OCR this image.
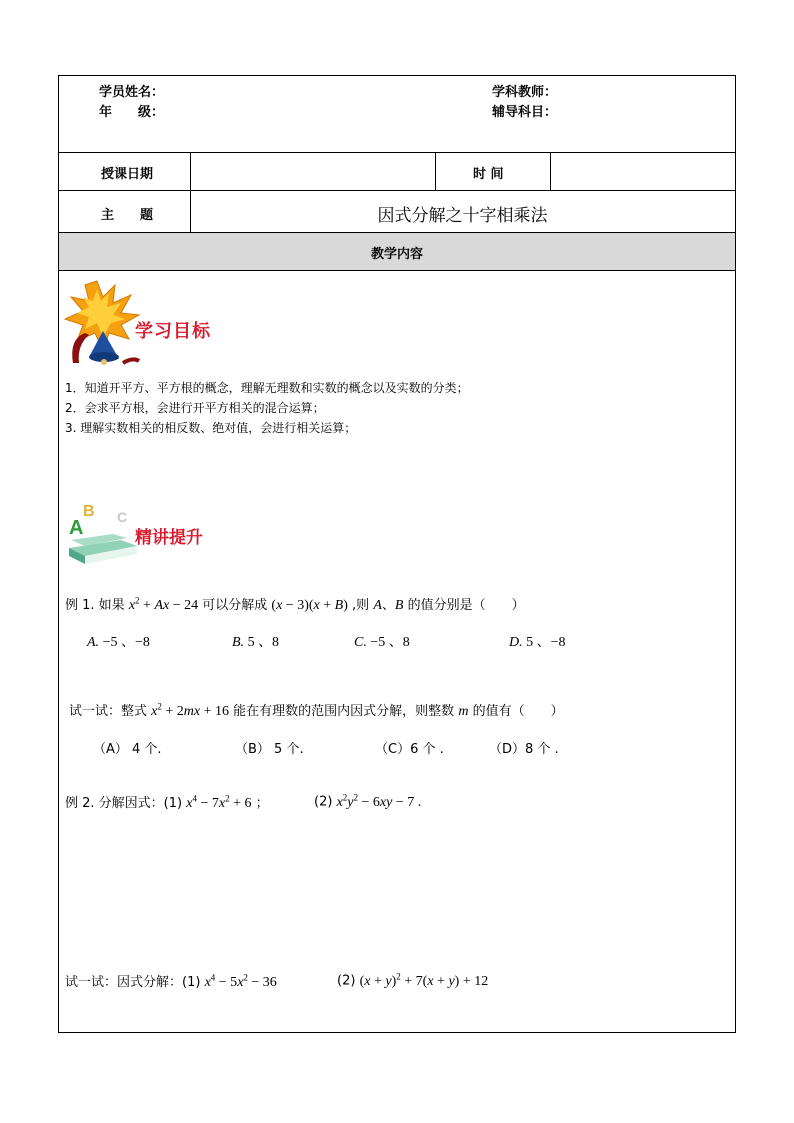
学员姓名：
年　　级：
学科教师：
辅导科目：
授课日期	时 间
主　　题	因式分解之十字相乘法
教学内容
学习目标
1．知道开平方、平方根的概念，理解无理数和实数的概念以及实数的分类；
2．会求平方根，会进行开平方相关的混合运算；
3. 理解实数相关的相反数、绝对值，会进行相关运算；
B C
A	精讲提升
例 1. 如果 $x^2 + Ax - 24$ 可以分解成 (x − 3)(x + B) ,则 A、B 的值分别是（　　）
A. −5 、−8	B. 5 、8	C. −5 、8	D. 5 、−8
试一试：整式 $x^2 + 2mx + 16$ 能在有理数的范围内因式分解，则整数 m 的值有（　　）
（A） 4 个.	（B） 5 个.	（C）6 个 .	（D）8 个 .
例 2. 分解因式：(1) $x^4 - 7x^2 + 6$ ；	(2) $x^2y^2 - 6xy - 7$ .
试一试：因式分解：(1) $x^4 - 5x^2 - 36$	(2) $(x + y)^2 + 7(x + y) + 12$
